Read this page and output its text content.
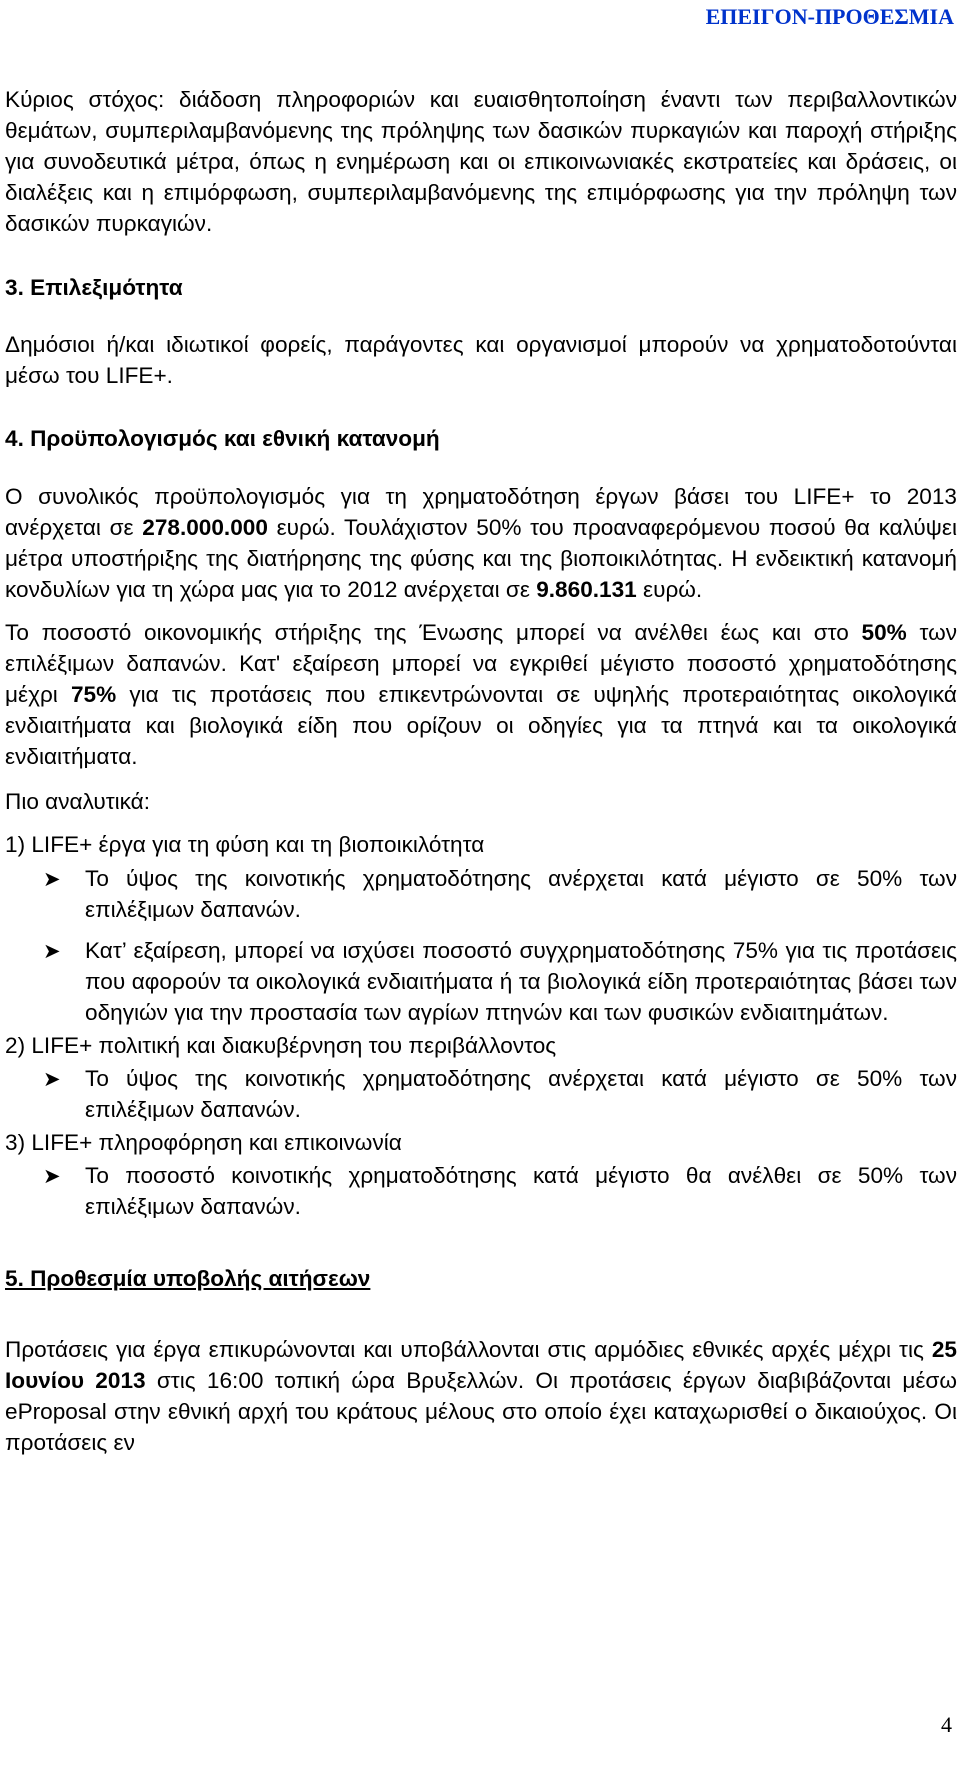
ΕΠΕΙΓΟΝ-ΠΡΟΘΕΣΜΙΑ

Κύριος στόχος: διάδοση πληροφοριών και ευαισθητοποίηση έναντι των περιβαλλοντικών θεμάτων, συμπεριλαμβανόμενης της πρόληψης των δασικών πυρκαγιών και παροχή στήριξης για συνοδευτικά μέτρα, όπως η ενημέρωση και οι επικοινωνιακές εκστρατείες και δράσεις, οι διαλέξεις και η επιμόρφωση, συμπεριλαμβανόμενης της επιμόρφωσης για την πρόληψη των δασικών πυρκαγιών.

3. Επιλεξιμότητα

Δημόσιοι ή/και ιδιωτικοί φορείς, παράγοντες και οργανισμοί μπορούν να χρηματοδοτούνται μέσω του LIFE+.

4. Προϋπολογισμός και εθνική κατανομή

Ο συνολικός προϋπολογισμός για τη χρηματοδότηση έργων βάσει του LIFE+ το 2013 ανέρχεται σε 278.000.000 ευρώ. Τουλάχιστον 50% του προαναφερόμενου ποσού θα καλύψει μέτρα υποστήριξης της διατήρησης της φύσης και της βιοποικιλότητας. Η ενδεικτική κατανομή κονδυλίων για τη χώρα μας για το 2012 ανέρχεται σε 9.860.131 ευρώ.

Το ποσοστό οικονομικής στήριξης της Ένωσης μπορεί να ανέλθει έως και στο 50% των επιλέξιμων δαπανών. Κατ' εξαίρεση μπορεί να εγκριθεί μέγιστο ποσοστό χρηματοδότησης μέχρι 75% για τις προτάσεις που επικεντρώνονται σε υψηλής προτεραιότητας οικολογικά ενδιαιτήματα και βιολογικά είδη που ορίζουν οι οδηγίες για τα πτηνά και τα οικολογικά ενδιαιτήματα.

Πιο αναλυτικά:

1) LIFE+ έργα για τη φύση και τη βιοποικιλότητα

➤ Το ύψος της κοινοτικής χρηματοδότησης ανέρχεται κατά μέγιστο σε 50% των επιλέξιμων δαπανών.

➤ Κατ’ εξαίρεση, μπορεί να ισχύσει ποσοστό συγχρηματοδότησης 75% για τις προτάσεις που αφορούν τα οικολογικά ενδιαιτήματα ή τα βιολογικά είδη προτεραιότητας βάσει των οδηγιών για την προστασία των αγρίων πτηνών και των φυσικών ενδιαιτημάτων.

2) LIFE+ πολιτική και διακυβέρνηση του περιβάλλοντος

➤ Το ύψος της κοινοτικής χρηματοδότησης ανέρχεται κατά μέγιστο σε 50% των επιλέξιμων δαπανών.

3) LIFE+ πληροφόρηση και επικοινωνία

➤ Το ποσοστό κοινοτικής χρηματοδότησης κατά μέγιστο θα ανέλθει σε 50% των επιλέξιμων δαπανών.

5. Προθεσμία υποβολής αιτήσεων

Προτάσεις για έργα επικυρώνονται και υποβάλλονται στις αρμόδιες εθνικές αρχές μέχρι τις 25 Ιουνίου 2013 στις 16:00 τοπική ώρα Βρυξελλών. Οι προτάσεις έργων διαβιβάζονται μέσω eProposal στην εθνική αρχή του κράτους μέλους στο οποίο έχει καταχωρισθεί ο δικαιούχος. Οι προτάσεις εν

4
